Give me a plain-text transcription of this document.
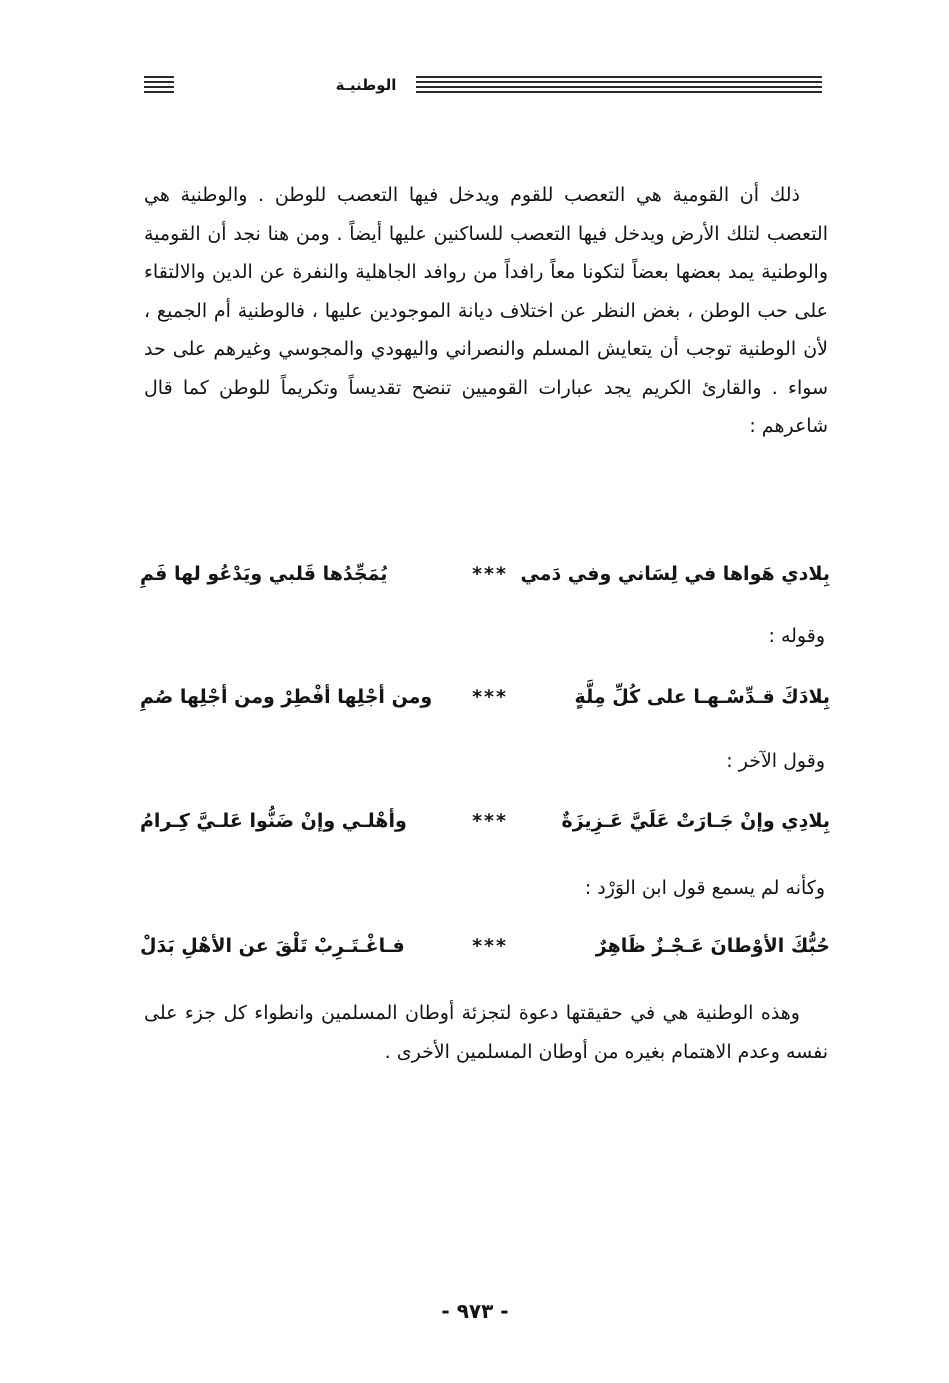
الوطنيـة
ذلك أن القومية هي التعصب للقوم ويدخل فيها التعصب للوطن . والوطنية هي التعصب لتلك الأرض ويدخل فيها التعصب للساكنين عليها أيضاً . ومن هنا نجد أن القومية والوطنية يمد بعضها بعضاً لتكونا معاً رافداً من روافد الجاهلية والنفرة عن الدين والالتقاء على حب الوطن ، بغض النظر عن اختلاف ديانة الموجودين عليها ، فالوطنية أم الجميع ، لأن الوطنية توجب أن يتعايش المسلم والنصراني واليهودي والمجوسي وغيرهم على حد سواء . والقارئ الكريم يجد عبارات القوميين تنضح تقديساً وتكريماً للوطن كما قال شاعرهم :
بِلادي هَواها في لِسَاني وفي دَمي
***
يُمَجِّدُها قَلبي ويَدْعُو لها فَمِ
وقوله :
بِلادَكَ قـدِّسْـهـا على كُلِّ مِلَّةٍ
***
ومن أجْلِها أفْطِرْ ومن أجْلِها صُمِ
وقول الآخر :
بِلادِي وإنْ جَـارَتْ عَلَيَّ عَـزِيزَةٌ
***
وأهْلـي وإنْ ضَنُّوا عَلـيَّ كِـرامُ
وكأنه لم يسمع قول ابن الوَرْد :
حُبُّكَ الأوْطانَ عَـجْـزٌ ظَاهِرٌ
***
فـاغْـتَـرِبْ تَلْقَ عن الأهْلِ بَدَلْ
وهذه الوطنية هي في حقيقتها دعوة لتجزئة أوطان المسلمين وانطواء كل جزء على نفسه وعدم الاهتمام بغيره من أوطان المسلمين الأخرى .
- ٩٧٣ -
